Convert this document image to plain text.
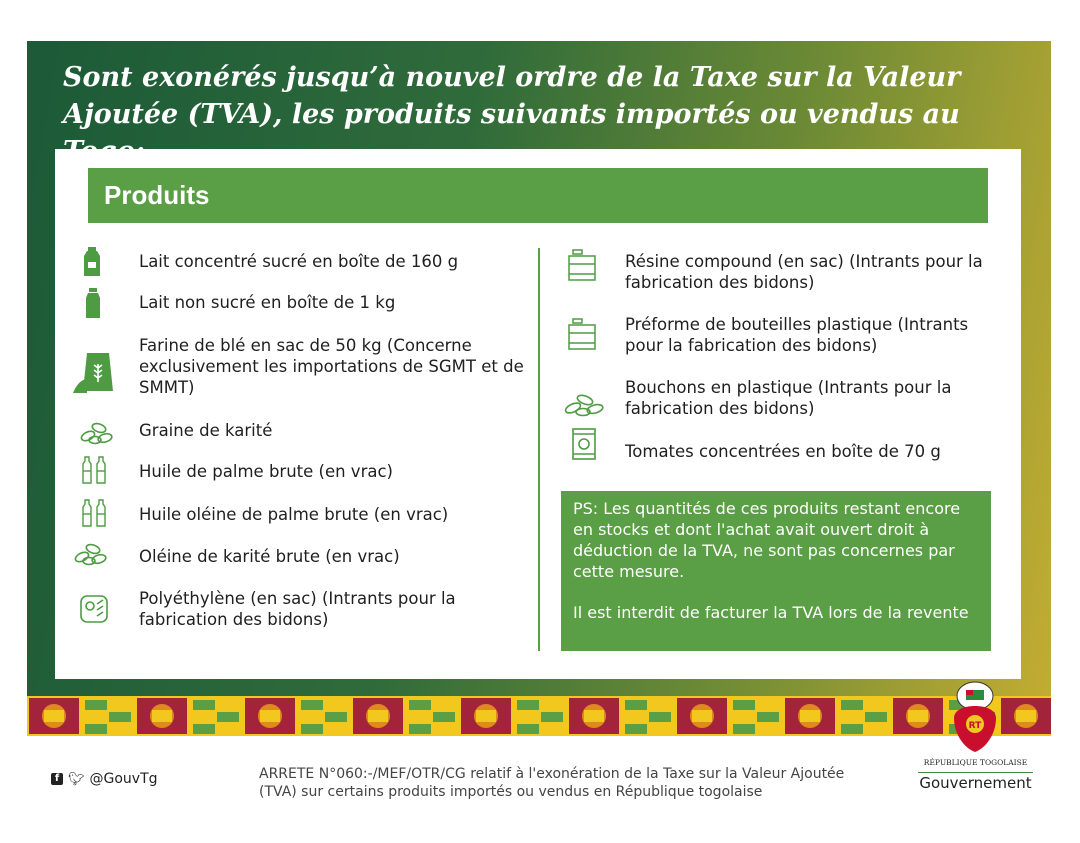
Sont exonérés jusqu’à nouvel ordre de la Taxe sur la Valeur Ajoutée (TVA), les produits suivants importés ou vendus au
Produits
Lait concentré sucré en boîte de 160 g
Lait non sucré en boîte de 1 kg
Farine de blé en sac de 50 kg (Concerne exclusivement les importations de SGMT et de SMMT)
Graine de karité
Huile de palme brute (en vrac)
Huile oléine de palme brute (en vrac)
Oléine de karité brute (en vrac)
Polyéthylène (en sac) (Intrants pour la fabrication des bidons)
Résine compound (en sac) (Intrants pour la fabrication des bidons)
Préforme de bouteilles plastique (Intrants pour la fabrication des bidons)
Bouchons en plastique (Intrants pour la fabrication des bidons)
Tomates concentrées en boîte de 70 g

PS: Les quantités de ces produits restant encore en stocks et dont l'achat avait ouvert droit à déduction de la TVA, ne sont pas concernes par cette mesure.

Il est interdit de facturer la TVA lors de la revente

f 🐦︎ @GouvTg	ARRETE N°060:-/MEF/OTR/CG relatif à l'exonération de la Taxe sur la Valeur Ajoutée (TVA) sur certains produits importés ou vendus en République togolaise
RT
RÉPUBLIQUE TOGOLAISE
Gouvernement
